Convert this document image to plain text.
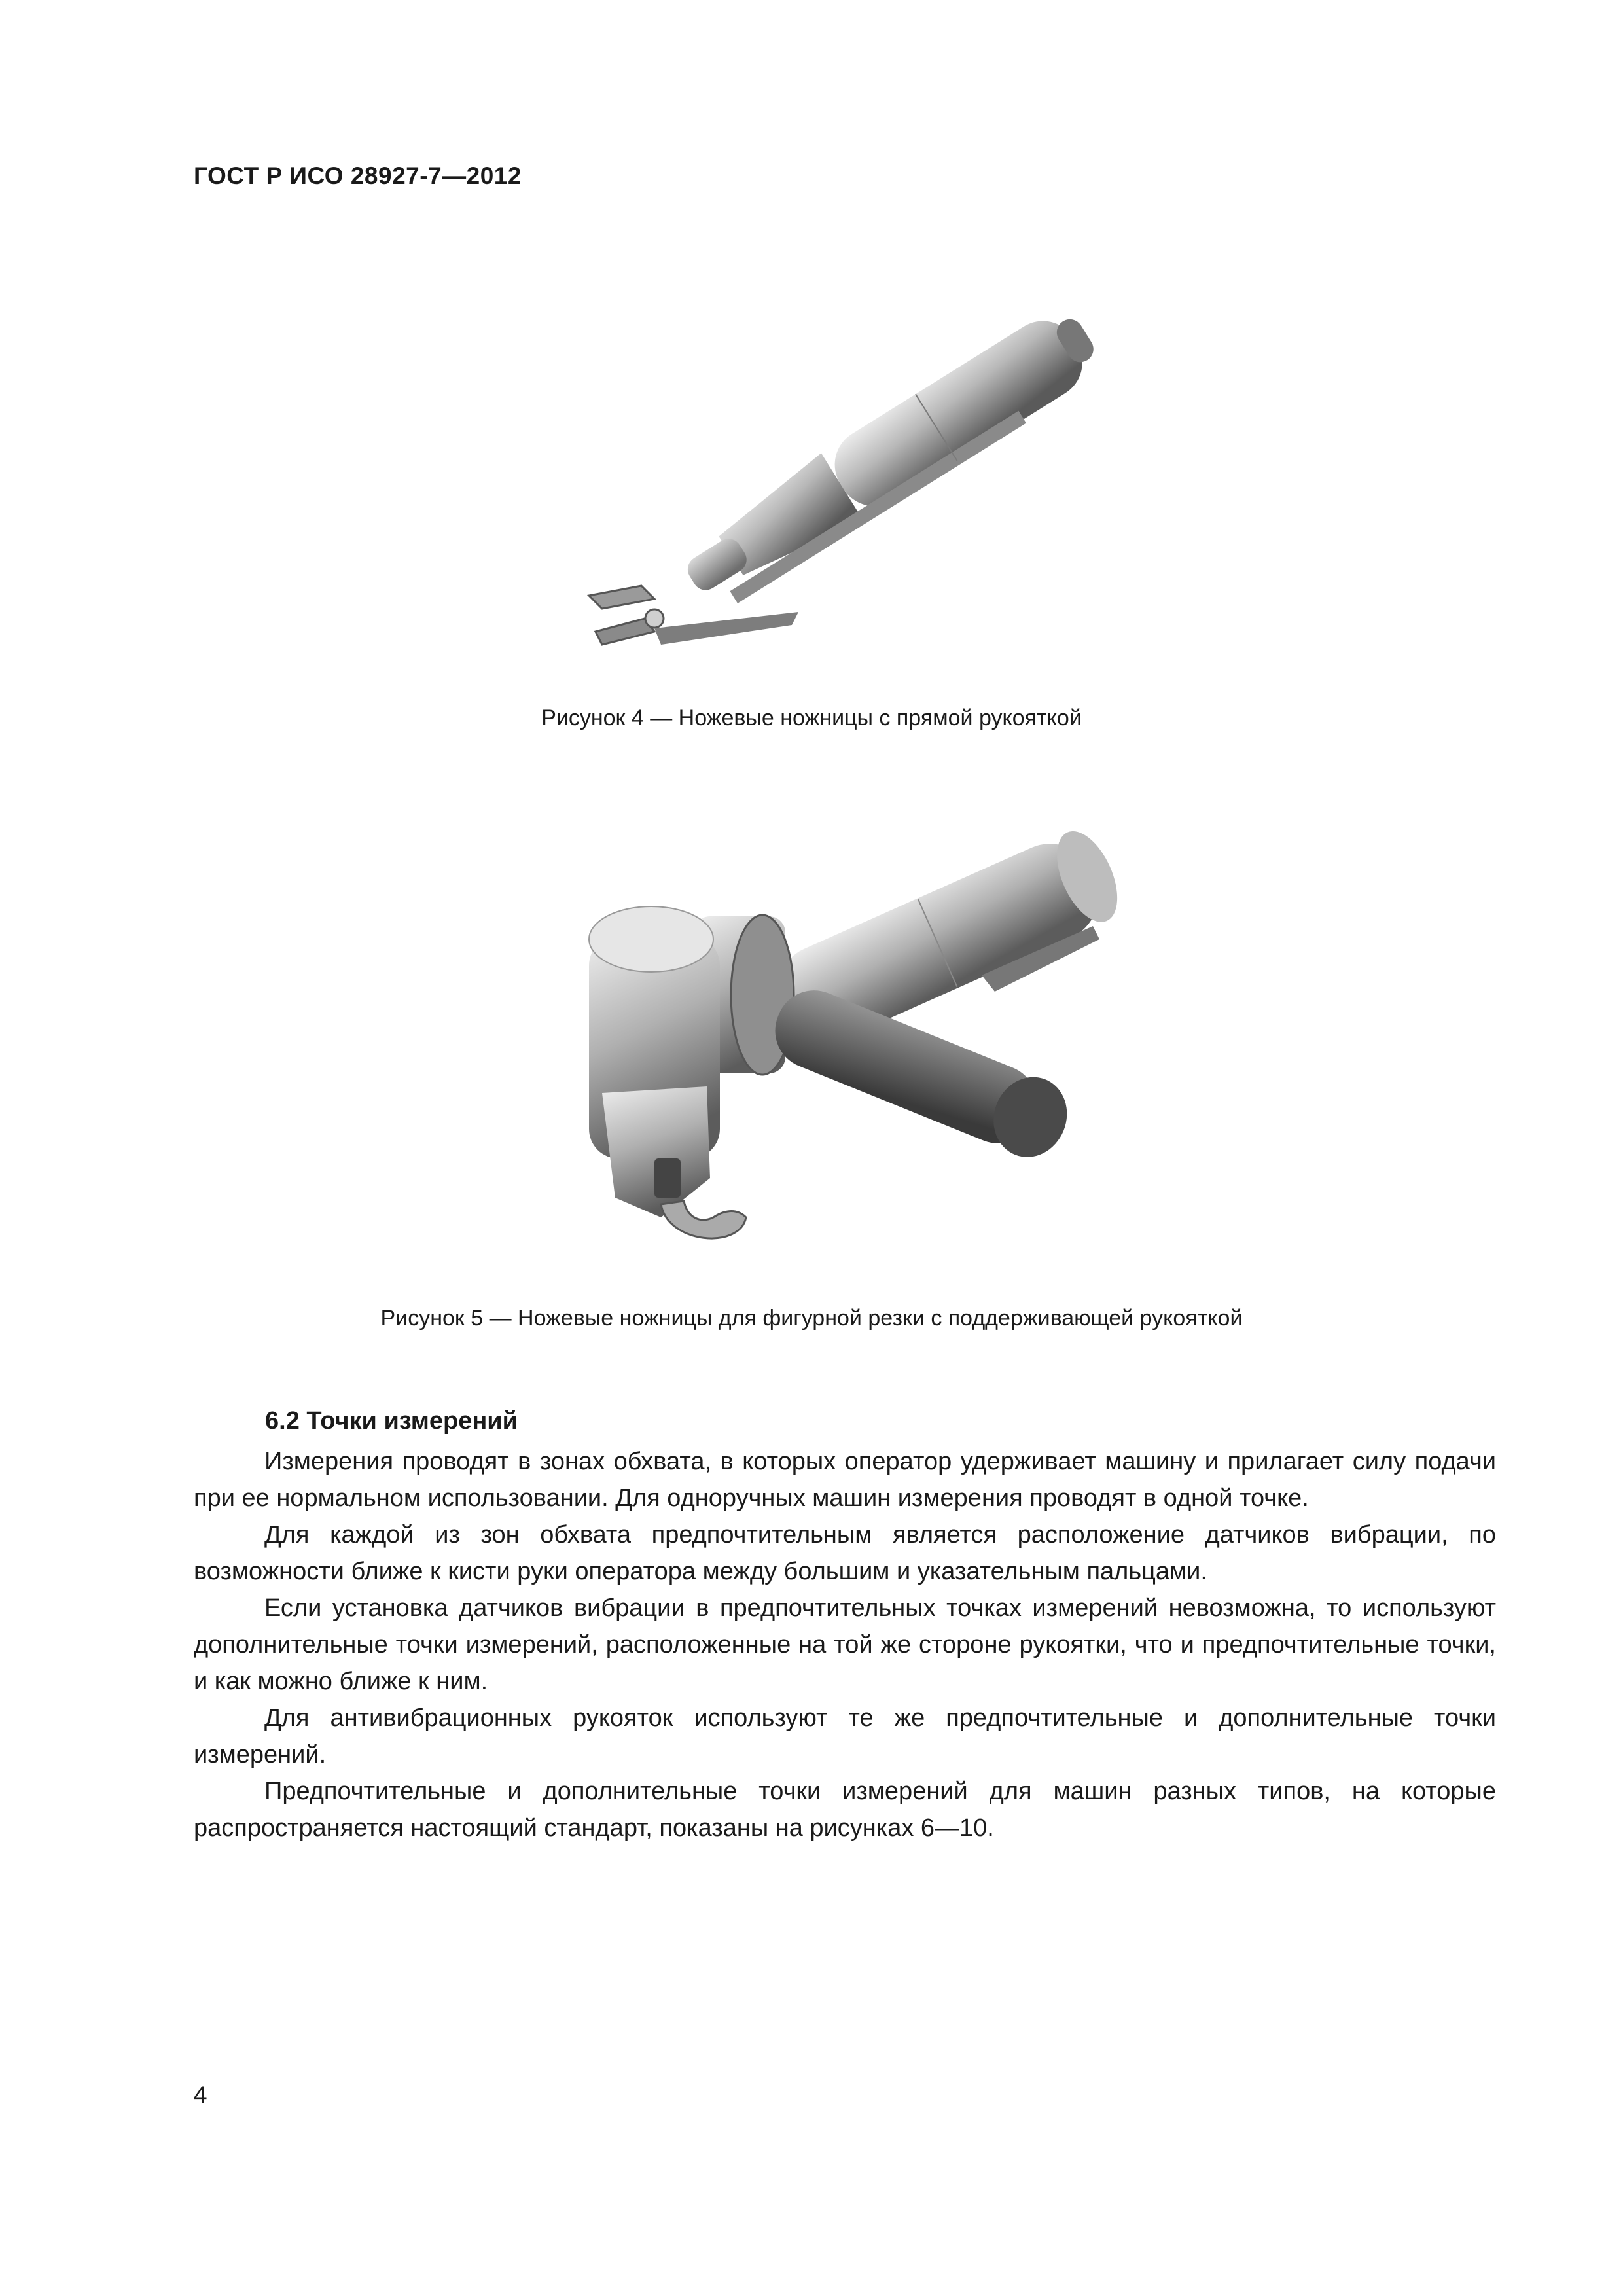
ГОСТ Р ИСО 28927-7—2012
Рисунок 4 — Ножевые ножницы с прямой рукояткой
Рисунок 5 — Ножевые ножницы для фигурной резки с поддерживающей рукояткой
6.2 Точки измерений

Измерения проводят в зонах обхвата, в которых оператор удерживает машину и прилагает силу подачи при ее нормальном использовании. Для одноручных машин измерения проводят в одной точке.

Для каждой из зон обхвата предпочтительным является расположение датчиков вибрации, по возможности ближе к кисти руки оператора между большим и указательным пальцами.

Если установка датчиков вибрации в предпочтительных точках измерений невозможна, то используют дополнительные точки измерений, расположенные на той же стороне рукоятки, что и предпочтительные точки, и как можно ближе к ним.

Для антивибрационных рукояток используют те же предпочтительные и дополнительные точки измерений.

Предпочтительные и дополнительные точки измерений для машин разных типов, на которые распространяется настоящий стандарт, показаны на рисунках 6—10.

4
